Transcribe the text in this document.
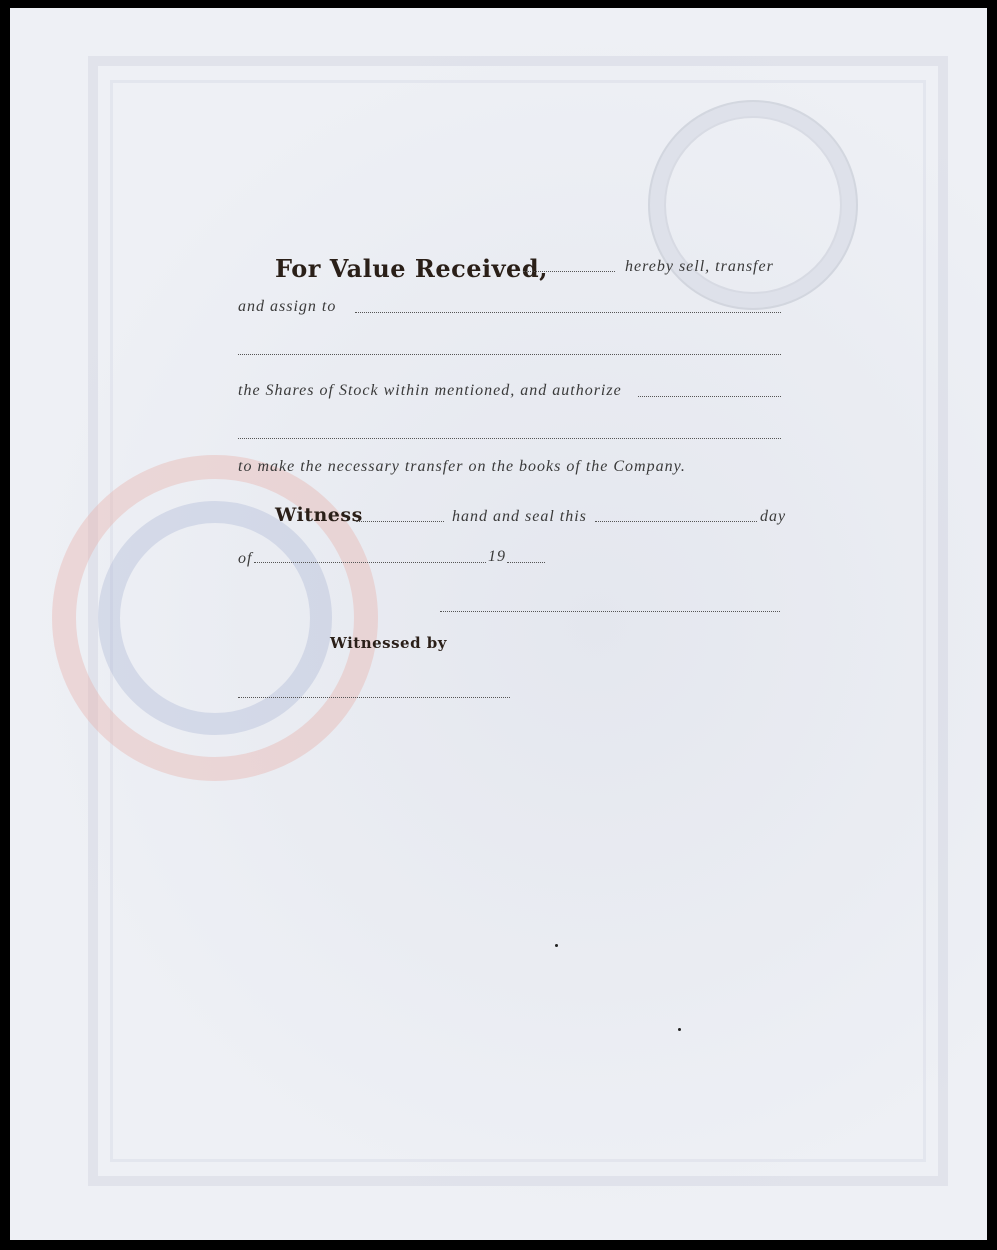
For Value Received,	hereby sell, transfer
and assign to
the Shares of Stock within mentioned, and authorize
to make the necessary transfer on the books of the Company.
Witness	hand and seal this	day
of	19
Witnessed by
